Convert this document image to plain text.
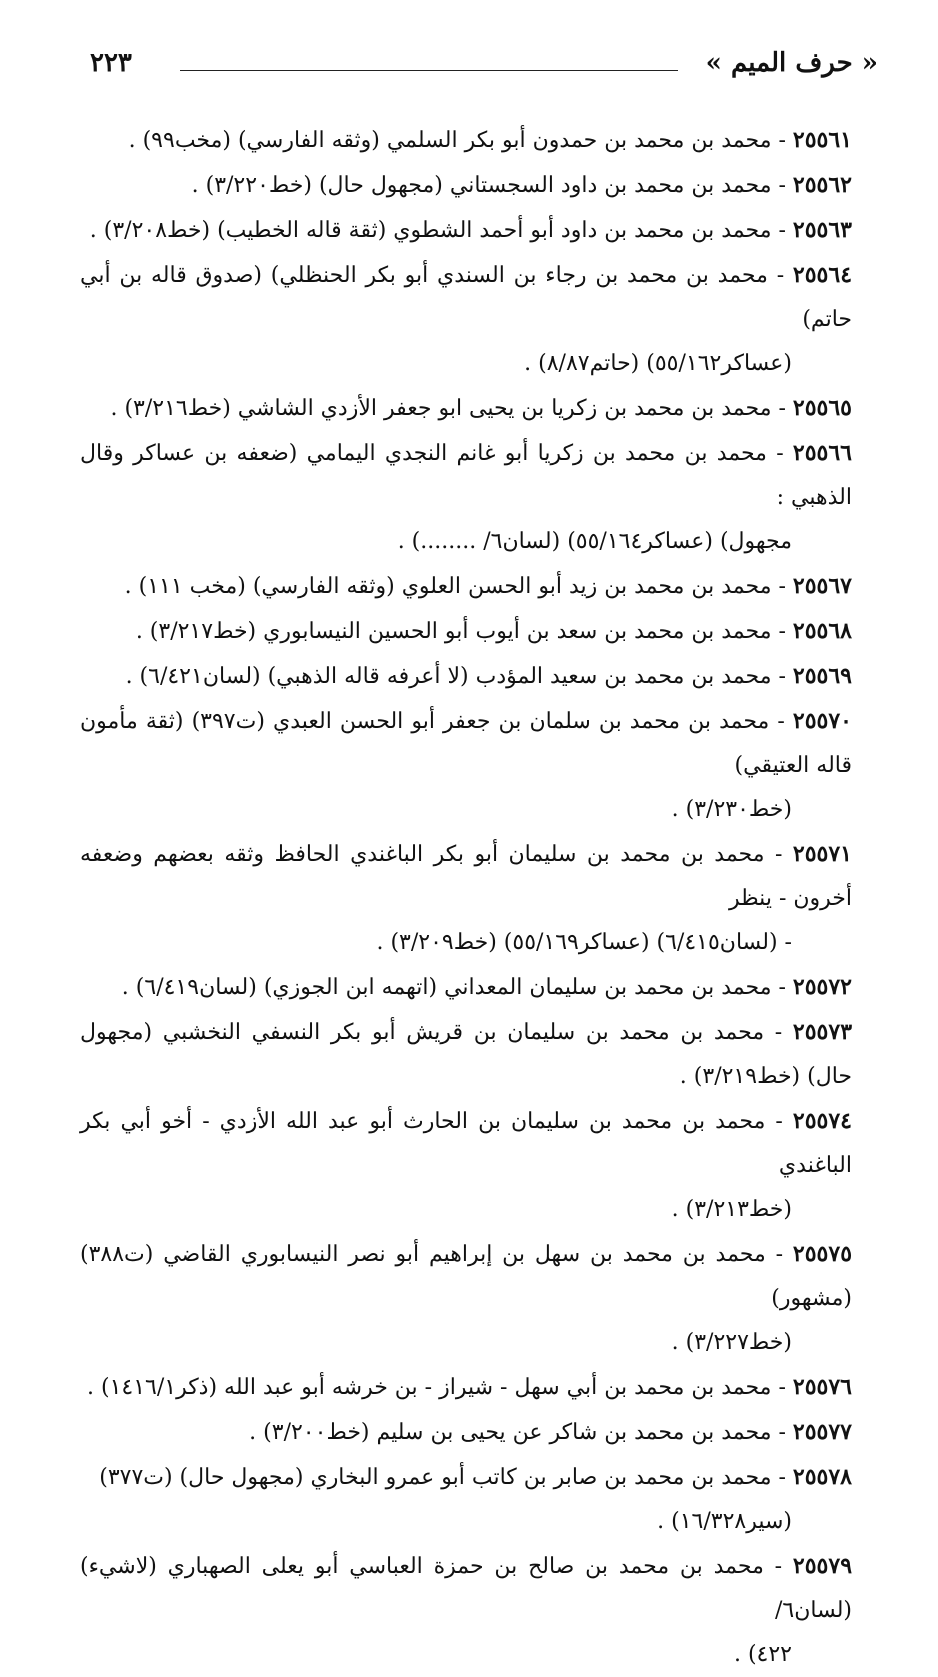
« حرف الميم »
٢٢٣
٢٥٥٦١ - محمد بن محمد بن حمدون أبو بكر السلمي (وثقه الفارسي) (مخب٩٩) .
٢٥٥٦٢ - محمد بن محمد بن داود السجستاني (مجهول حال) (خط٣/٢٢٠) .
٢٥٥٦٣ - محمد بن محمد بن داود أبو أحمد الشطوي (ثقة قاله الخطيب) (خط٣/٢٠٨) .
٢٥٥٦٤ - محمد بن محمد بن رجاء بن السندي أبو بكر الحنظلي) (صدوق قاله بن أبي حاتم)
(عساكر٥٥/١٦٢) (حاتم٨/٨٧) .
٢٥٥٦٥ - محمد بن محمد بن زكريا بن يحيى ابو جعفر الأزدي الشاشي (خط٣/٢١٦) .
٢٥٥٦٦ - محمد بن محمد بن زكريا أبو غانم النجدي اليمامي (ضعفه بن عساكر وقال الذهبي :
مجهول) (عساكر٥٥/١٦٤) (لسان٦/ ........) .
٢٥٥٦٧ - محمد بن محمد بن زيد أبو الحسن العلوي (وثقه الفارسي) (مخب ١١١) .
٢٥٥٦٨ - محمد بن محمد بن سعد بن أيوب أبو الحسين النيسابوري (خط٣/٢١٧) .
٢٥٥٦٩ - محمد بن محمد بن سعيد المؤدب (لا أعرفه قاله الذهبي) (لسان٦/٤٢١) .
٢٥٥٧٠ - محمد بن محمد بن سلمان بن جعفر أبو الحسن العبدي (ت٣٩٧) (ثقة مأمون قاله العتيقي)
(خط٣/٢٣٠) .
٢٥٥٧١ - محمد بن محمد بن سليمان أبو بكر الباغندي الحافظ وثقه بعضهم وضعفه أخرون - ينظر
- (لسان٦/٤١٥) (عساكر٥٥/١٦٩) (خط٣/٢٠٩) .
٢٥٥٧٢ - محمد بن محمد بن سليمان المعداني (اتهمه ابن الجوزي) (لسان٦/٤١٩) .
٢٥٥٧٣ - محمد بن محمد بن سليمان بن قريش أبو بكر النسفي النخشبي (مجهول حال) (خط٣/٢١٩) .
٢٥٥٧٤ - محمد بن محمد بن سليمان بن الحارث أبو عبد الله الأزدي - أخو أبي بكر الباغندي
(خط٣/٢١٣) .
٢٥٥٧٥ - محمد بن محمد بن سهل بن إبراهيم أبو نصر النيسابوري القاضي (ت٣٨٨) (مشهور)
(خط٣/٢٢٧) .
٢٥٥٧٦ - محمد بن محمد بن أبي سهل - شيراز - بن خرشه أبو عبد الله (ذكر١٤١٦/١) .
٢٥٥٧٧ - محمد بن محمد بن شاكر عن يحيى بن سليم (خط٣/٢٠٠) .
٢٥٥٧٨ - محمد بن محمد بن صابر بن كاتب أبو عمرو البخاري (مجهول حال) (ت٣٧٧)
(سير١٦/٣٢٨) .
٢٥٥٧٩ - محمد بن محمد بن صالح بن حمزة العباسي أبو يعلى الصهباري (لاشيء) (لسان٦/
٤٢٢) .
